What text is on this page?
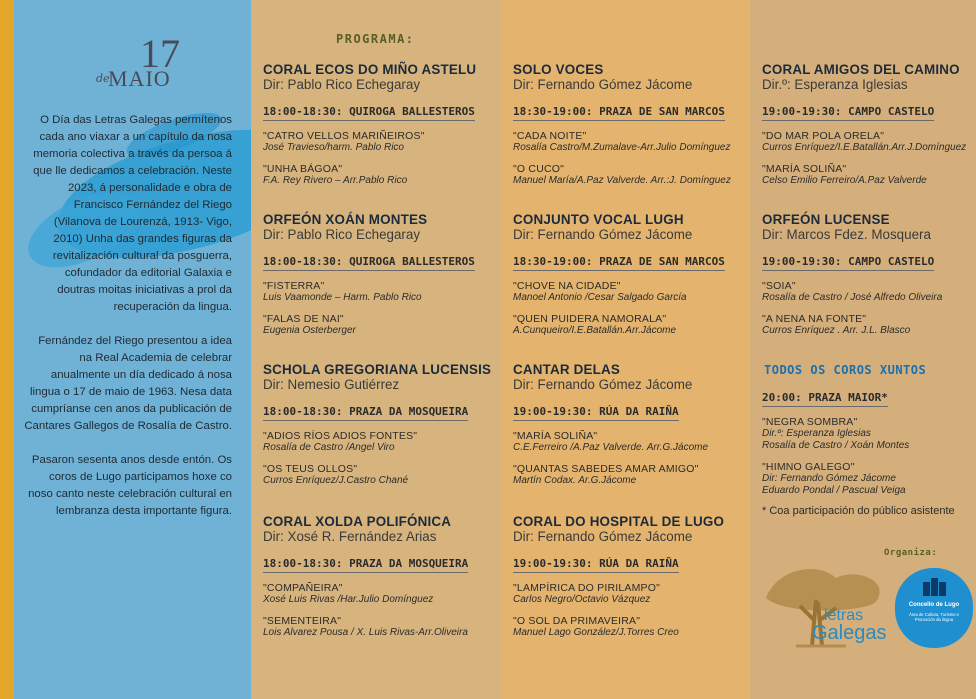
17
de
MAIO

O Día das Letras Galegas permítenos cada ano viaxar a un capítulo da nosa memoria colectiva a través da persoa á que lle dedicamos a celebración. Neste 2023, á personalidade e obra de Francisco Fernández del Riego (Vilanova de Lourenzá, 1913- Vigo, 2010) Unha das grandes figuras da revitalización cultural da posguerra, cofundador da editorial Galaxia e doutras moitas iniciativas a prol da recuperación da lingua.

Fernández del Riego presentou a idea na Real Academia de celebrar anualmente un día dedicado á nosa lingua o 17 de maio de 1963. Nesa data cumpríanse cen anos da publicación de Cantares Gallegos de Rosalía de Castro.

Pasaron sesenta anos desde entón. Os coros de Lugo participamos hoxe co noso canto neste celebración cultural en lembranza desta importante figura.

PROGRAMA:
CORAL ECOS DO MIÑO ASTELU
Dir: Pablo Rico Echegaray
18:00-18:30: QUIROGA BALLESTEROS
"CATRO VELLOS MARIÑEIROS"
José Travieso/harm. Pablo Rico
"UNHA BÁGOA"
F.A. Rey Rivero – Arr.Pablo Rico
ORFEÓN XOÁN MONTES
Dir: Pablo Rico Echegaray
18:00-18:30: QUIROGA BALLESTEROS
"FISTERRA"
Luis Vaamonde – Harm. Pablo Rico
"FALAS DE NAI"
Eugenia Osterberger
SCHOLA GREGORIANA LUCENSIS
Dir: Nemesio Gutiérrez
18:00-18:30: PRAZA DA MOSQUEIRA
"ADIOS RÍOS ADIOS FONTES"
Rosalía de Castro /Angel Viro
"OS TEUS OLLOS"
Curros Enríquez/J.Castro Chané
CORAL XOLDA POLIFÓNICA
Dir: Xosé R. Fernández Arias
18:00-18:30: PRAZA DA MOSQUEIRA
"COMPAÑEIRA"
Xosé Luis Rivas /Har.Julio Domínguez
"SEMENTEIRA"
Lois Alvarez Pousa / X. Luis Rivas-Arr.Oliveira
SOLO VOCES
Dir: Fernando Gómez Jácome
18:30-19:00: PRAZA DE SAN MARCOS
"CADA NOITE"
Rosalía Castro/M.Zumalave-Arr.Julio Domínguez
"O CUCO"
Manuel María/A.Paz Valverde. Arr.:J. Domínguez
CONJUNTO VOCAL LUGH
Dir: Fernando Gómez Jácome
18:30-19:00: PRAZA DE SAN MARCOS
"CHOVE NA CIDADE"
Manoel Antonio /Cesar Salgado García
"QUEN PUIDERA NAMORALA"
A.Cunqueiro/I.E.Batallán.Arr.Jácome
CANTAR DELAS
Dir: Fernando Gómez Jácome
19:00-19:30: RÚA DA RAIÑA
"MARÍA SOLIÑA"
C.E.Ferreiro /A.Paz Valverde. Arr.G.Jácome
"QUANTAS SABEDES AMAR AMIGO"
Martín Codax. Ar.G.Jácome
CORAL DO HOSPITAL DE LUGO
Dir: Fernando Gómez Jácome
19:00-19:30: RÚA DA RAIÑA
"LAMPÍRICA DO PIRILAMPO"
Carlos Negro/Octavio Vázquez
"O SOL DA PRIMAVEIRA"
Manuel Lago González/J.Torres Creo
CORAL AMIGOS DEL CAMINO
Dir.º: Esperanza Iglesias
19:00-19:30: CAMPO CASTELO
"DO MAR POLA ORELA"
Curros Enríquez/I.E.Batallán.Arr.J.Domínguez
"MARÍA SOLIÑA"
Celso Emilio Ferreiro/A.Paz Valverde
ORFEÓN LUCENSE
Dir: Marcos Fdez. Mosquera
19:00-19:30: CAMPO CASTELO
"SOIA"
Rosalía de Castro / José Alfredo Oliveira
"A NENA NA FONTE"
Curros Enríquez . Arr. J.L. Blasco
TODOS OS COROS XUNTOS
20:00: PRAZA MAIOR*
"NEGRA SOMBRA"
Dir.º: Esperanza Iglesias
Rosalía de Castro / Xoán Montes
"HIMNO GALEGO"
Dir: Fernando Gómez Jácome
Eduardo Pondal / Pascual Veiga
* Coa participación do público asistente
Organiza:
letras
Galegas
Concello de Lugo
Área de Cultura, Turismo e Promoción da lingua
